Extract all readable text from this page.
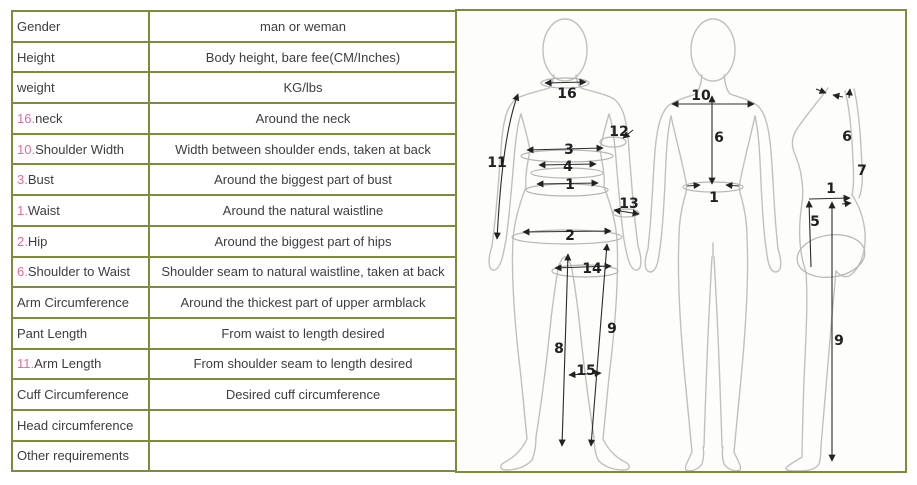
Gender	man or weman
Height	Body height, bare fee(CM/Inches)
weight	KG/lbs
16.neck	Around the neck
10.Shoulder Width	Width between shoulder ends, taken at back
3.Bust	Around the biggest part of bust
1.Waist	Around the natural waistline
2.Hip	Around the biggest part of hips
6.Shoulder to Waist	Shoulder seam to natural waistline, taken at back
Arm Circumference	Around the thickest part of upper armblack
Pant Length	From waist to length desired
11.Arm Length	From shoulder seam to length desired
Cuff Circumference	Desired cuff circumference
Head circumference	
Other requirements	
16
11
3
4
1
12
13
2
14
8
9
15
10
6
1
6
7
1
5
9
